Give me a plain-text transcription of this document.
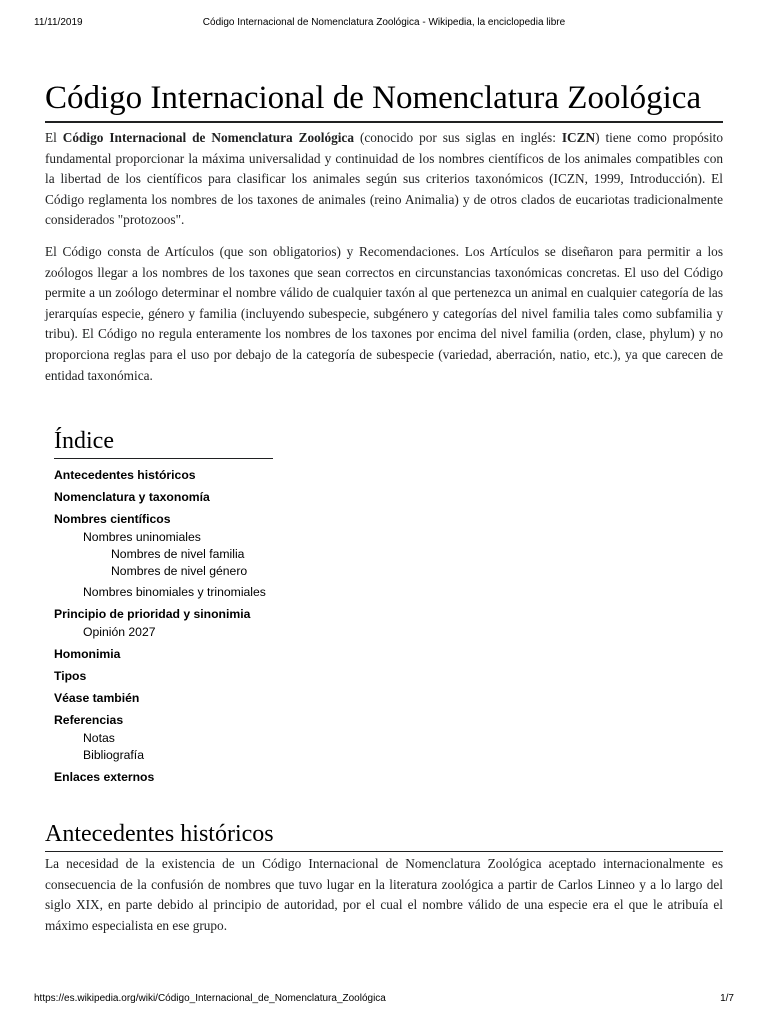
11/11/2019	Código Internacional de Nomenclatura Zoológica - Wikipedia, la enciclopedia libre
Código Internacional de Nomenclatura Zoológica

El Código Internacional de Nomenclatura Zoológica (conocido por sus siglas en inglés: ICZN) tiene como propósito fundamental proporcionar la máxima universalidad y continuidad de los nombres científicos de los animales compatibles con la libertad de los científicos para clasificar los animales según sus criterios taxonómicos (ICZN, 1999, Introducción). El Código reglamenta los nombres de los taxones de animales (reino Animalia) y de otros clados de eucariotas tradicionalmente considerados "protozoos".

El Código consta de Artículos (que son obligatorios) y Recomendaciones. Los Artículos se diseñaron para permitir a los zoólogos llegar a los nombres de los taxones que sean correctos en circunstancias taxonómicas concretas. El uso del Código permite a un zoólogo determinar el nombre válido de cualquier taxón al que pertenezca un animal en cualquier categoría de las jerarquías especie, género y familia (incluyendo subespecie, subgénero y categorías del nivel familia tales como subfamilia y tribu). El Código no regula enteramente los nombres de los taxones por encima del nivel familia (orden, clase, phylum) y no proporciona reglas para el uso por debajo de la categoría de subespecie (variedad, aberración, natio, etc.), ya que carecen de entidad taxonómica.

Índice
Antecedentes históricos
Nomenclatura y taxonomía
Nombres científicos
Nombres uninomiales
Nombres de nivel familia
Nombres de nivel género
Nombres binomiales y trinomiales
Principio de prioridad y sinonimia
Opinión 2027
Homonimia
Tipos
Véase también
Referencias
Notas
Bibliografía
Enlaces externos
Antecedentes históricos

La necesidad de la existencia de un Código Internacional de Nomenclatura Zoológica aceptado internacionalmente es consecuencia de la confusión de nombres que tuvo lugar en la literatura zoológica a partir de Carlos Linneo y a lo largo del siglo XIX, en parte debido al principio de autoridad, por el cual el nombre válido de una especie era el que le atribuía el máximo especialista en ese grupo.

https://es.wikipedia.org/wiki/Código_Internacional_de_Nomenclatura_Zoológica	1/7
